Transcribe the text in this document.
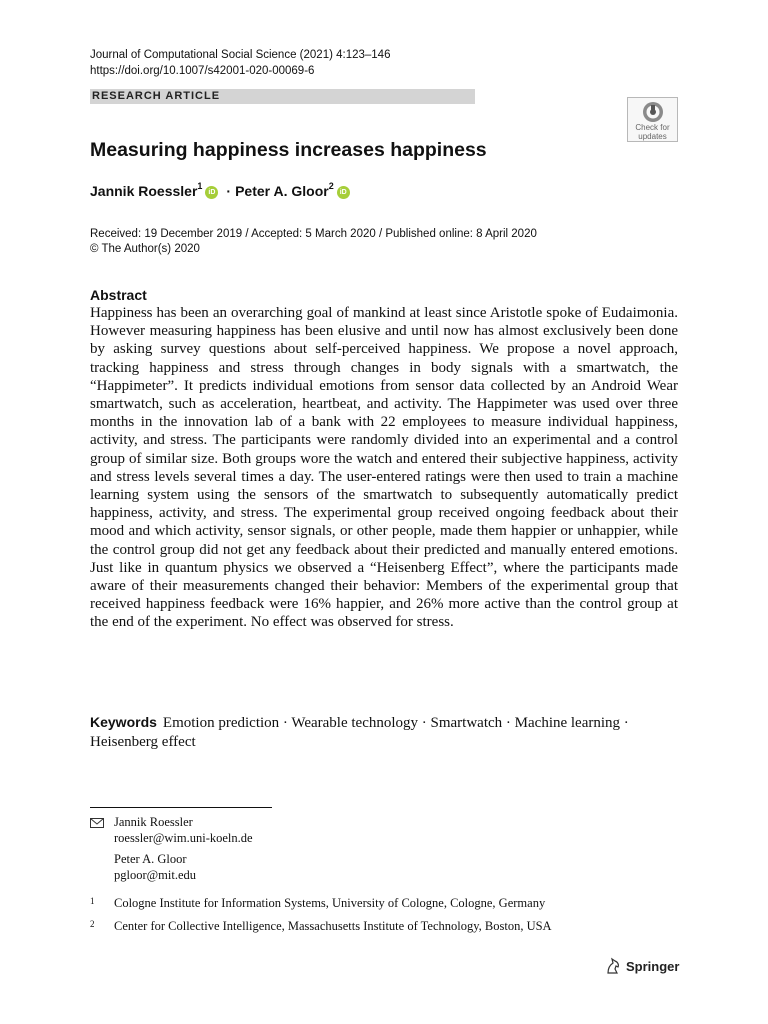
Journal of Computational Social Science (2021) 4:123–146
https://doi.org/10.1007/s42001-020-00069-6
RESEARCH ARTICLE
Check for
updates
Measuring happiness increases happiness
Jannik Roessler$^1$
iD · Peter A. Gloor$^2$
iD
Received: 19 December 2019 / Accepted: 5 March 2020 / Published online: 8 April 2020
© The Author(s) 2020
Abstract
Happiness has been an overarching goal of mankind at least since Aristotle spoke of Eudaimonia. However measuring happiness has been elusive and until now has almost exclusively been done by asking survey questions about self-perceived happiness. We propose a novel approach, tracking happiness and stress through changes in body signals with a smartwatch, the “Happimeter”. It predicts individual emotions from sensor data collected by an Android Wear smartwatch, such as acceleration, heartbeat, and activity. The Happimeter was used over three months in the innovation lab of a bank with 22 employees to measure individual happiness, activity, and stress. The participants were randomly divided into an experimental and a control group of similar size. Both groups wore the watch and entered their subjective happiness, activity and stress levels several times a day. The user-entered ratings were then used to train a machine learning system using the sensors of the smartwatch to subsequently automatically predict happiness, activity, and stress. The experimental group received ongoing feedback about their mood and which activity, sensor signals, or other people, made them happier or unhappier, while the control group did not get any feedback about their predicted and manually entered emotions. Just like in quantum physics we observed a “Heisenberg Effect”, where the participants made aware of their measurements changed their behavior: Members of the experimental group that received happiness feedback were 16% happier, and 26% more active than the control group at the end of the experiment. No effect was observed for stress.
Keywords Emotion prediction · Wearable technology · Smartwatch · Machine learning · Heisenberg effect
Jannik Roessler
roessler@wim.uni-koeln.de
Peter A. Gloor
pgloor@mit.edu
1	Cologne Institute for Information Systems, University of Cologne, Cologne, Germany
2	Center for Collective Intelligence, Massachusetts Institute of Technology, Boston, USA
Springer
